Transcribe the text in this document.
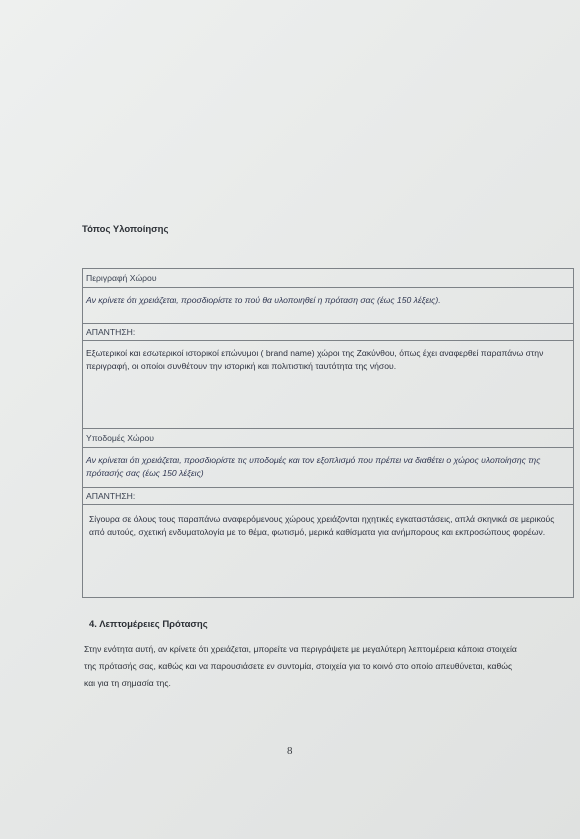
Τόπος Υλοποίησης
Περιγραφή Χώρου
Αν κρίνετε ότι χρειάζεται, προσδιορίστε το πού θα υλοποιηθεί η πρόταση σας (έως 150 λέξεις).
ΑΠΑΝΤΗΣΗ:
Εξωτερικοί και εσωτερικοί ιστορικοί επώνυμοι ( brand name) χώροι της Ζακύνθου, όπως έχει αναφερθεί παραπάνω στην περιγραφή, οι οποίοι συνθέτουν την ιστορική και πολιτιστική ταυτότητα της νήσου.
Υποδομές Χώρου
Αν κρίνεται ότι χρειάζεται, προσδιορίστε τις υποδομές και τον εξοπλισμό που πρέπει να διαθέτει ο χώρος υλοποίησης της πρότασής σας (έως 150 λέξεις)
ΑΠΑΝΤΗΣΗ:
Σίγουρα σε όλους τους παραπάνω αναφερόμενους χώρους χρειάζονται ηχητικές εγκαταστάσεις, απλά σκηνικά σε μερικούς από αυτούς, σχετική ενδυματολογία με το θέμα, φωτισμό, μερικά καθίσματα για ανήμπορους και εκπροσώπους φορέων.
4. Λεπτομέρειες Πρότασης
Στην ενότητα αυτή, αν κρίνετε ότι χρειάζεται, μπορείτε να περιγράψετε με μεγαλύτερη λεπτομέρεια κάποια στοιχεία της πρότασής σας, καθώς και να παρουσιάσετε εν συντομία, στοιχεία για το κοινό στο οποίο απευθύνεται, καθώς και για τη σημασία της.
8
